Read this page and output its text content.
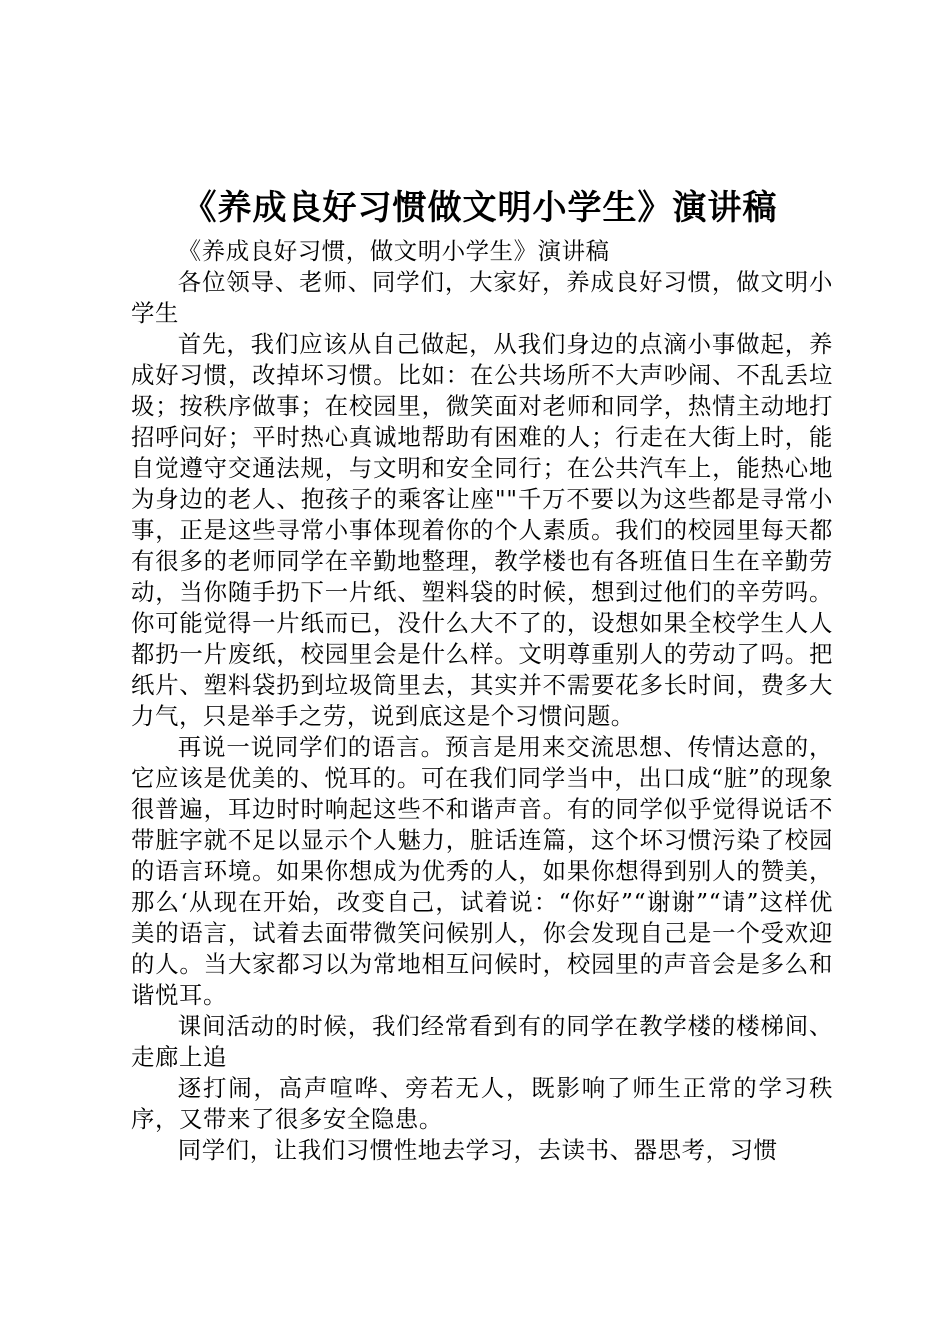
《养成良好习惯做文明小学生》演讲稿

《养成良好习惯，做文明小学生》演讲稿

各位领导、老师、同学们，大家好，养成良好习惯，做文明小学生

首先，我们应该从自己做起，从我们身边的点滴小事做起，养成好习惯，改掉坏习惯。比如：在公共场所不大声吵闹、不乱丢垃圾；按秩序做事；在校园里，微笑面对老师和同学，热情主动地打招呼问好；平时热心真诚地帮助有困难的人；行走在大街上时，能自觉遵守交通法规，与文明和安全同行；在公共汽车上，能热心地为身边的老人、抱孩子的乘客让座""千万不要以为这些都是寻常小事，正是这些寻常小事体现着你的个人素质。我们的校园里每天都有很多的老师同学在辛勤地整理，教学楼也有各班值日生在辛勤劳动，当你随手扔下一片纸、塑料袋的时候，想到过他们的辛劳吗。你可能觉得一片纸而已，没什么大不了的，设想如果全校学生人人都扔一片废纸，校园里会是什么样。文明尊重别人的劳动了吗。把纸片、塑料袋扔到垃圾筒里去，其实并不需要花多长时间，费多大力气，只是举手之劳，说到底这是个习惯问题。

再说一说同学们的语言。预言是用来交流思想、传情达意的，它应该是优美的、悦耳的。可在我们同学当中，出口成“脏”的现象很普遍，耳边时时响起这些不和谐声音。有的同学似乎觉得说话不带脏字就不足以显示个人魅力，脏话连篇，这个坏习惯污染了校园的语言环境。如果你想成为优秀的人，如果你想得到别人的赞美，那么‘从现在开始，改变自己，试着说：“你好”“谢谢”“请”这样优美的语言，试着去面带微笑问候别人，你会发现自己是一个受欢迎的人。当大家都习以为常地相互问候时，校园里的声音会是多么和谐悦耳。

课间活动的时候，我们经常看到有的同学在教学楼的楼梯间、走廊上追

逐打闹，高声喧哗、旁若无人，既影响了师生正常的学习秩序，又带来了很多安全隐患。

同学们，让我们习惯性地去学习，去读书、器思考，习惯
